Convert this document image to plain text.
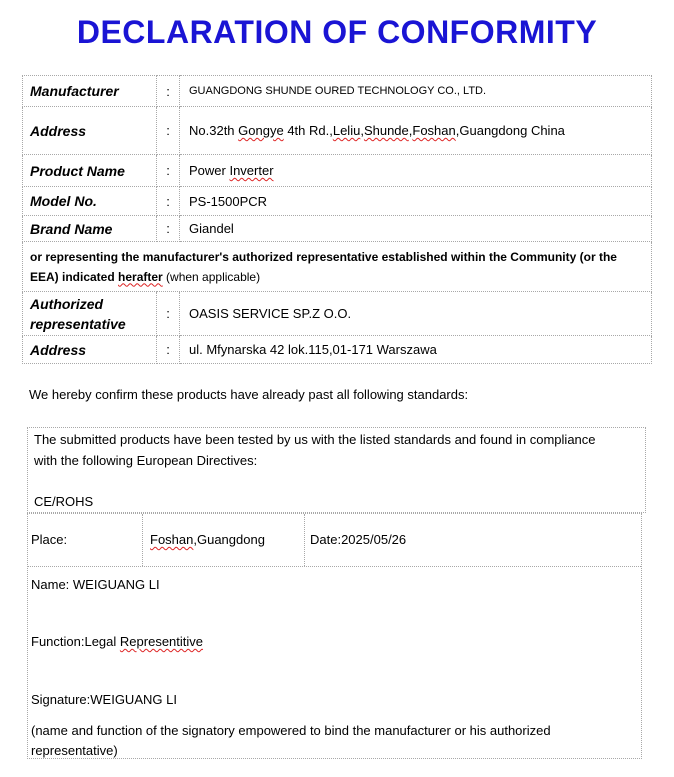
DECLARATION OF CONFORMITY
Manufacturer	:	GUANGDONG SHUNDE OURED TECHNOLOGY CO., LTD.
Address	:	No.32th Gongye 4th Rd.,Leliu,Shunde,Foshan,Guangdong China
Product Name	:	Power Inverter
Model No.	:	PS-1500PCR
Brand Name	:	Giandel
or representing the manufacturer's authorized representative established within the Community (or the EEA) indicated herafter (when applicable)		
Authorized
representative	:	OASIS SERVICE SP.Z O.O.
Address	:	ul. Mfynarska 42 lok.115,01-171 Warszawa
We hereby confirm these products have already past all following standards:
The submitted products have been tested by us with the listed standards and found in compliance
with the following European Directives:
CE/ROHS
Place:	Foshan,Guangdong	Date:2025/05/26
Name: WEIGUANG LI
Function:Legal Representitive
Signature:WEIGUANG LI
(name and function of the signatory empowered to bind the manufacturer or his authorized
representative)
